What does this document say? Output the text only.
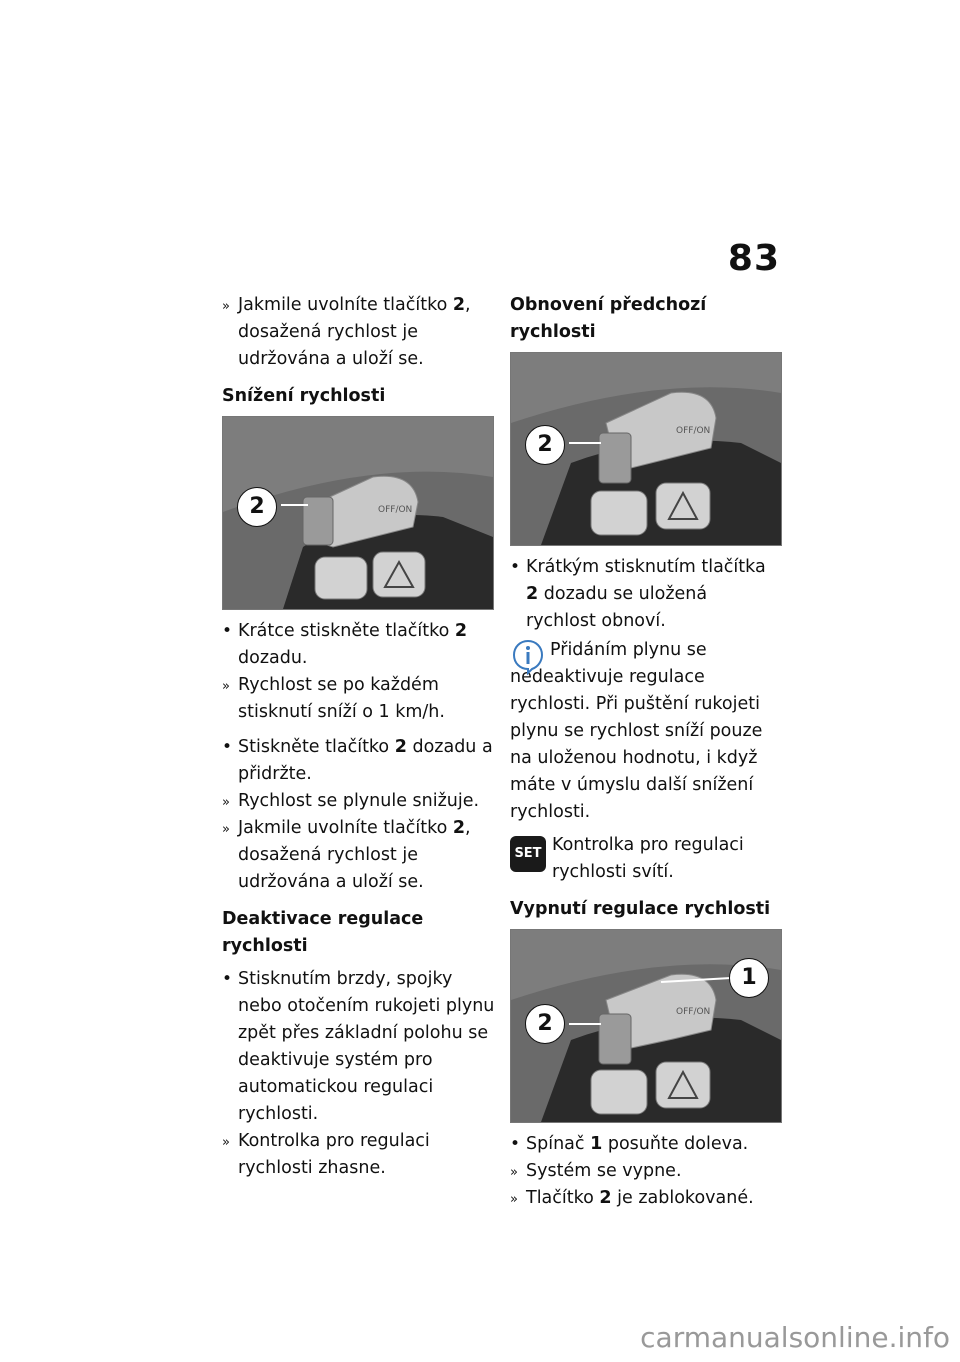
83
» Jakmile uvolníte tlačítko 2, dosažená rychlost je udržována a uloží se.
Snížení rychlosti
OFF/ON
2
• Krátce stiskněte tlačítko 2 dozadu.
» Rychlost se po každém stisknutí sníží o 1 km/h.
• Stiskněte tlačítko 2 dozadu a přidržte.
» Rychlost se plynule snižuje.
» Jakmile uvolníte tlačítko 2, dosažená rychlost je udržována a uloží se.
Deaktivace regulace rychlosti
• Stisknutím brzdy, spojky nebo otočením rukojeti plynu zpět přes základní polohu se deaktivuje systém pro automatickou regulaci rychlosti.
» Kontrolka pro regulaci rychlosti zhasne.
Obnovení předchozí rychlosti
OFF/ON
2
• Krátkým stisknutím tlačítka 2 dozadu se uložená rychlost obnoví.
Přidáním plynu se nedeaktivuje regulace rychlosti. Při puštění rukojeti plynu se rychlost sníží pouze na uloženou hodnotu, i když máte v úmyslu další snížení rychlosti.
SET Kontrolka pro regulaci rychlosti svítí.
Vypnutí regulace rychlosti
OFF/ON
1
2
• Spínač 1 posuňte doleva.
» Systém se vypne.
» Tlačítko 2 je zablokované.
carmanualsonline.info
